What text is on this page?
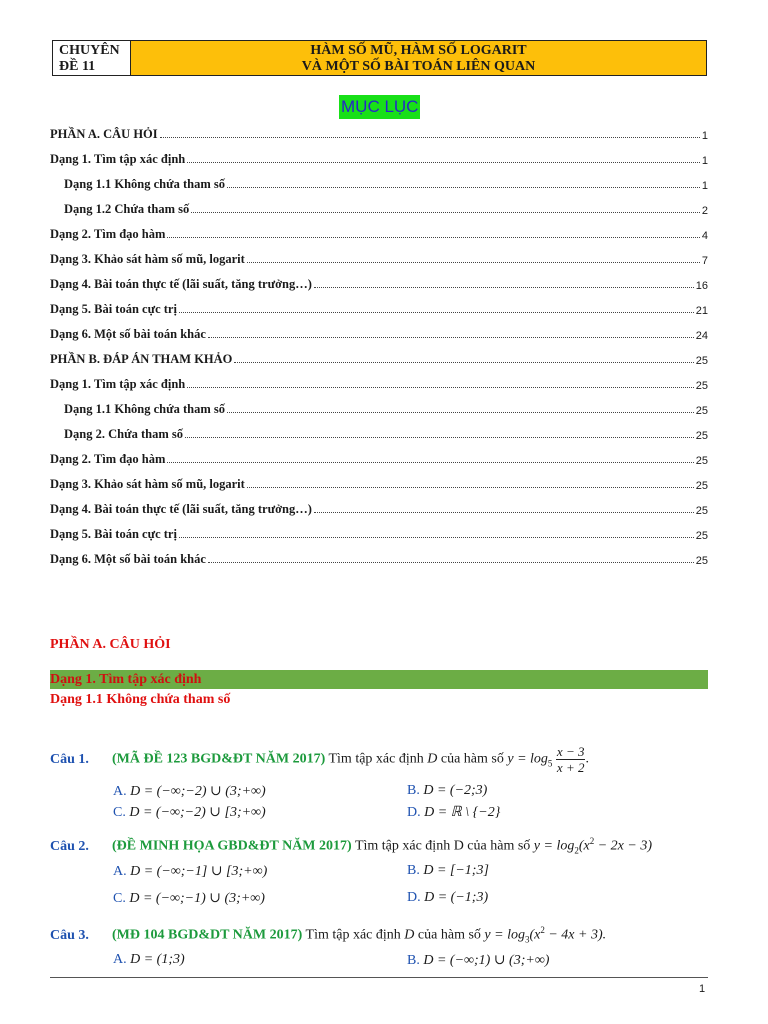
CHUYÊN
ĐỀ 11
HÀM SỐ MŨ, HÀM SỐ LOGARIT
VÀ MỘT SỐ BÀI TOÁN LIÊN QUAN
MỤC LỤC
PHẦN A. CÂU HỎI	1
Dạng 1. Tìm tập xác định	1
Dạng 1.1 Không chứa tham số	1
Dạng 1.2 Chứa tham số	2
Dạng 2. Tìm đạo hàm	4
Dạng 3. Khảo sát hàm số mũ, logarit	7
Dạng 4. Bài toán thực tế (lãi suất, tăng trưởng…)	16
Dạng 5. Bài toán cực trị	21
Dạng 6. Một số bài toán khác	24
PHẦN B. ĐÁP ÁN THAM KHẢO	25
Dạng 1. Tìm tập xác định	25
Dạng 1.1 Không chứa tham số	25
Dạng 2. Chứa tham số	25
Dạng 2. Tìm đạo hàm	25
Dạng 3. Khảo sát hàm số mũ, logarit	25
Dạng 4. Bài toán thực tế (lãi suất, tăng trưởng…)	25
Dạng 5. Bài toán cực trị	25
Dạng 6. Một số bài toán khác	25
PHẦN A. CÂU HỎI
Dạng 1. Tìm tập xác định
Dạng 1.1 Không chứa tham số
Câu 1. (MÃ ĐỀ 123 BGD&ĐT NĂM 2017) Tìm tập xác định D của hàm số $y = \log_5 \frac{x - 3}{x + 2}$ .
A. D = (−∞;−2) ∪ (3;+∞)	B. D = (−2;3)
C. D = (−∞;−2) ∪ [3;+∞)	D. D = ℝ \ {−2}
Câu 2. (ĐỀ MINH HỌA GBD&ĐT NĂM 2017) Tìm tập xác định D của hàm số $y = \log_2(x^2 - 2x - 3)$
A. D = (−∞;−1] ∪ [3;+∞)	B. D = [−1;3]
C. D = (−∞;−1) ∪ (3;+∞)	D. D = (−1;3)
Câu 3. (MĐ 104 BGD&DT NĂM 2017) Tìm tập xác định D của hàm số $y = \log_3(x^2 - 4x + 3)$.
A. D = (1;3)	B. D = (−∞;1) ∪ (3;+∞)
1
